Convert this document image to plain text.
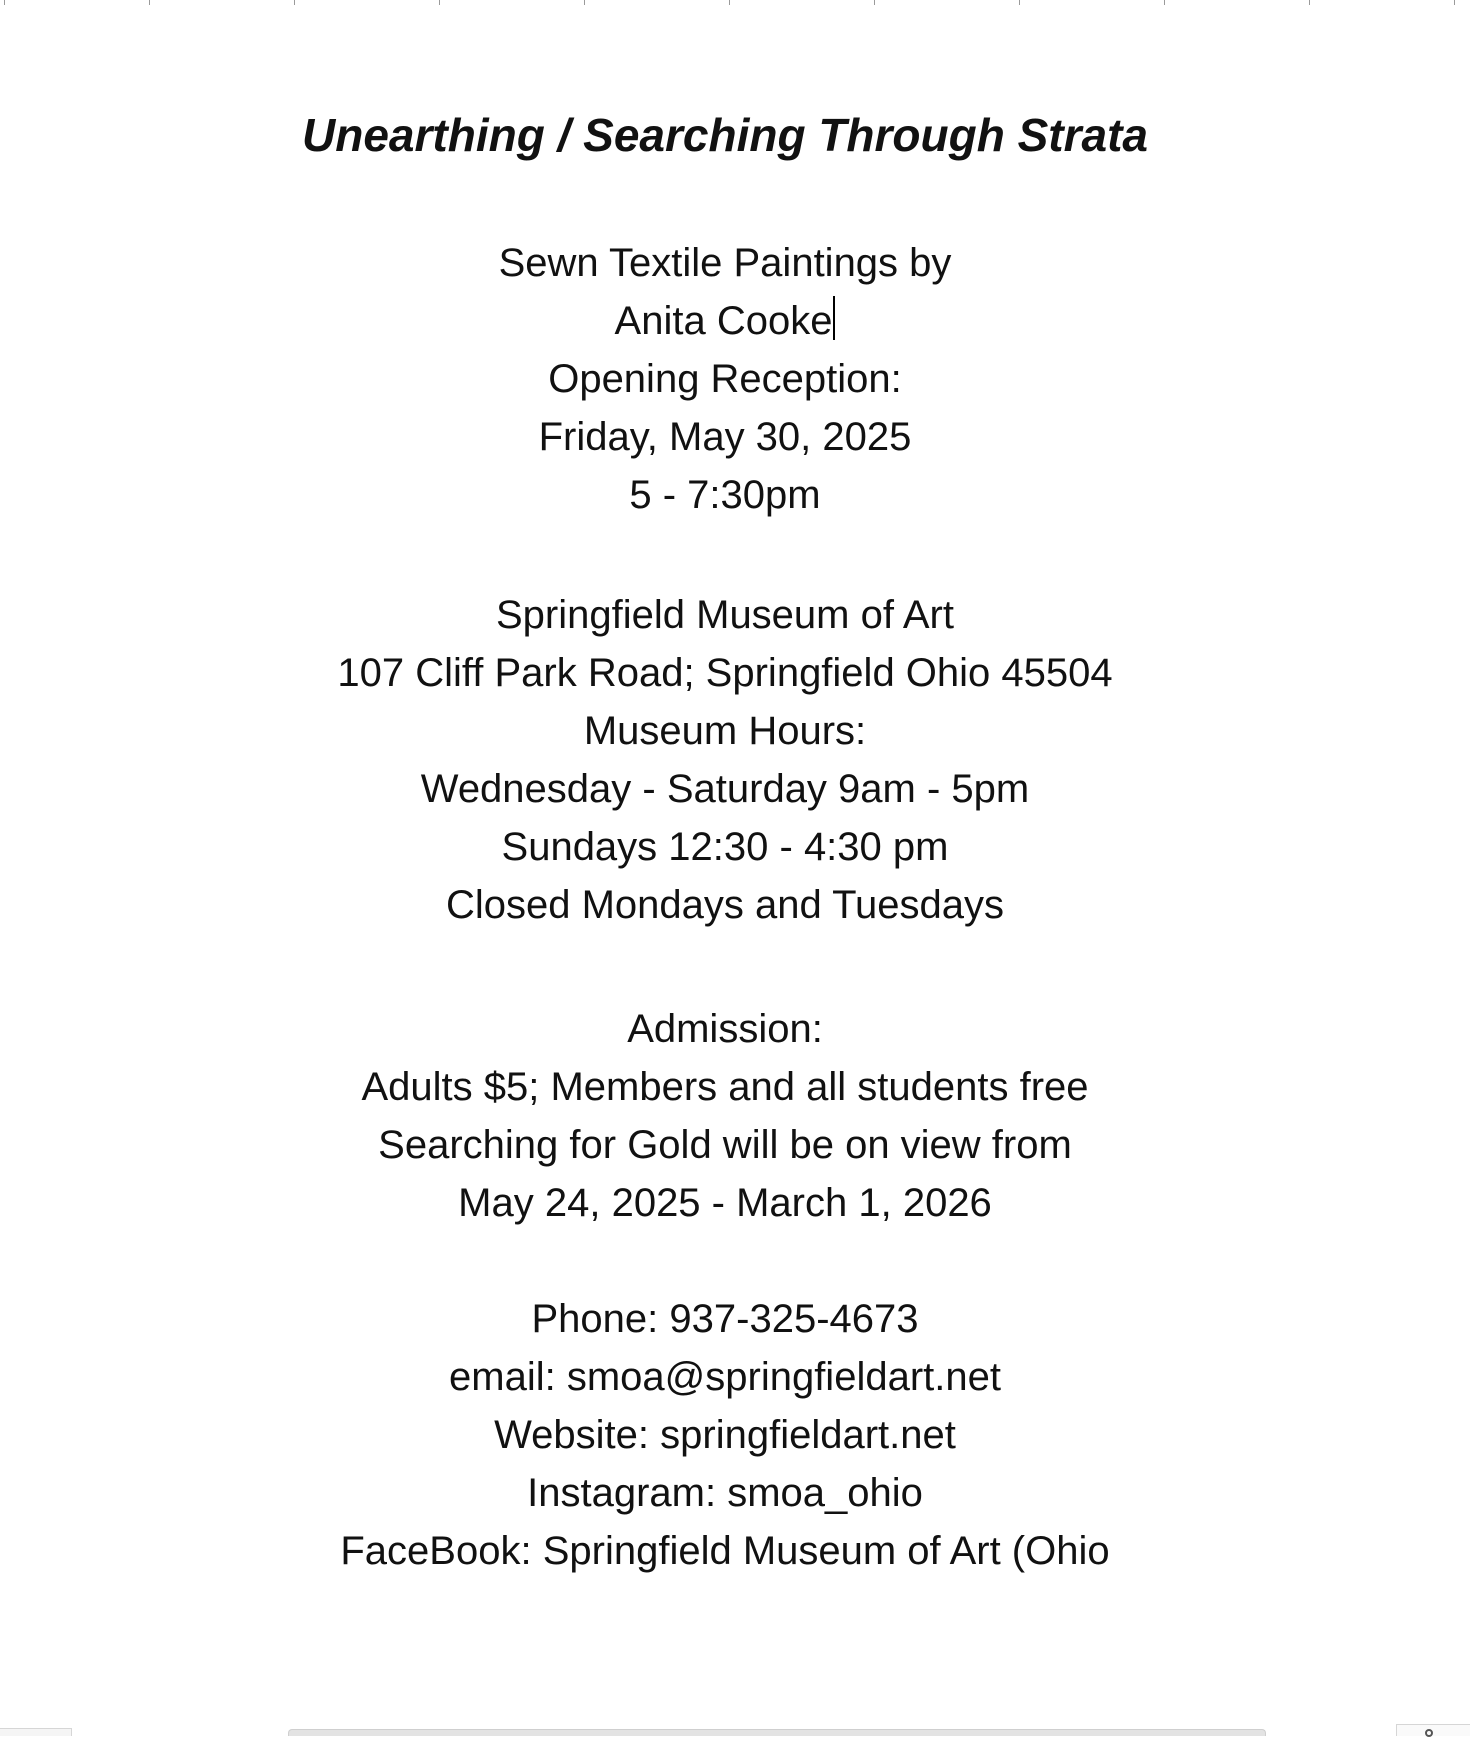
Unearthing / Searching Through Strata
Sewn Textile Paintings by
Anita Cooke
Opening Reception:
Friday, May 30, 2025
5 - 7:30pm
Springfield Museum of Art
107 Cliff Park Road; Springfield Ohio 45504
Museum Hours:
Wednesday - Saturday 9am - 5pm
Sundays 12:30 - 4:30 pm
Closed Mondays and Tuesdays
Admission:
Adults $5; Members and all students free
Searching for Gold will be on view from
May 24, 2025 - March 1, 2026
Phone: 937-325-4673
email: smoa@springfieldart.net
Website: springfieldart.net
Instagram: smoa_ohio
FaceBook: Springfield Museum of Art (Ohio
